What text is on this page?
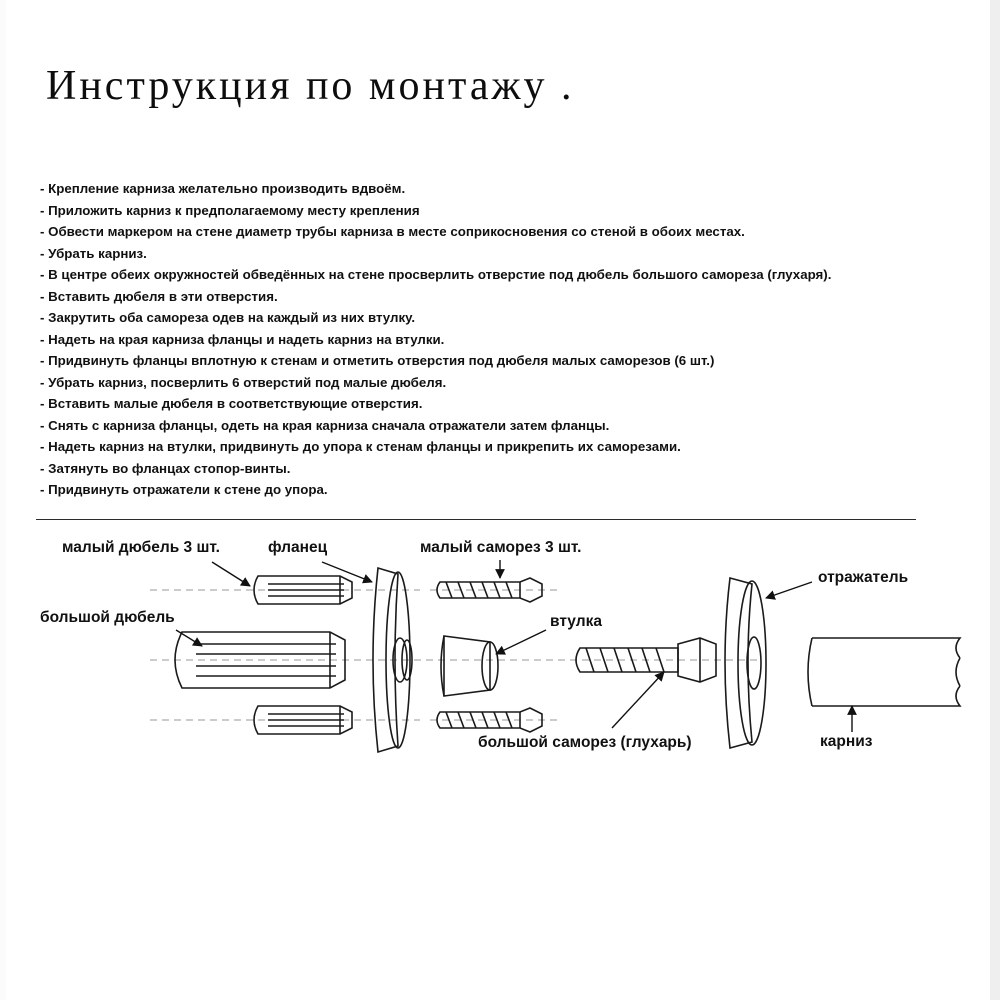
Инструкция по монтажу .
- Крепление карниза желательно производить вдвоём.
- Приложить карниз к предполагаемому месту крепления
- Обвести маркером на стене диаметр трубы карниза в месте соприкосновения со стеной в обоих местах.
- Убрать карниз.
- В центре обеих окружностей обведённых на стене просверлить отверстие под дюбель большого самореза (глухаря).
- Вставить дюбеля в эти отверстия.
- Закрутить оба самореза одев на каждый из них втулку.
- Надеть на края карниза фланцы и надеть карниз на втулки.
- Придвинуть фланцы вплотную к стенам и отметить отверстия под дюбеля малых саморезов (6 шт.)
- Убрать карниз, посверлить 6 отверстий под малые дюбеля.
- Вставить малые дюбеля в соответствующие отверстия.
- Снять с карниза фланцы, одеть на края карниза сначала отражатели затем фланцы.
- Надеть карниз на втулки, придвинуть до упора к стенам фланцы и прикрепить их саморезами.
- Затянуть во фланцах стопор-винты.
- Придвинуть отражатели к стене до упора.
малый дюбель 3 шт.	фланец	малый саморез 3 шт.
отражатель
большой дюбель	втулка
большой саморез (глухарь)	карниз
